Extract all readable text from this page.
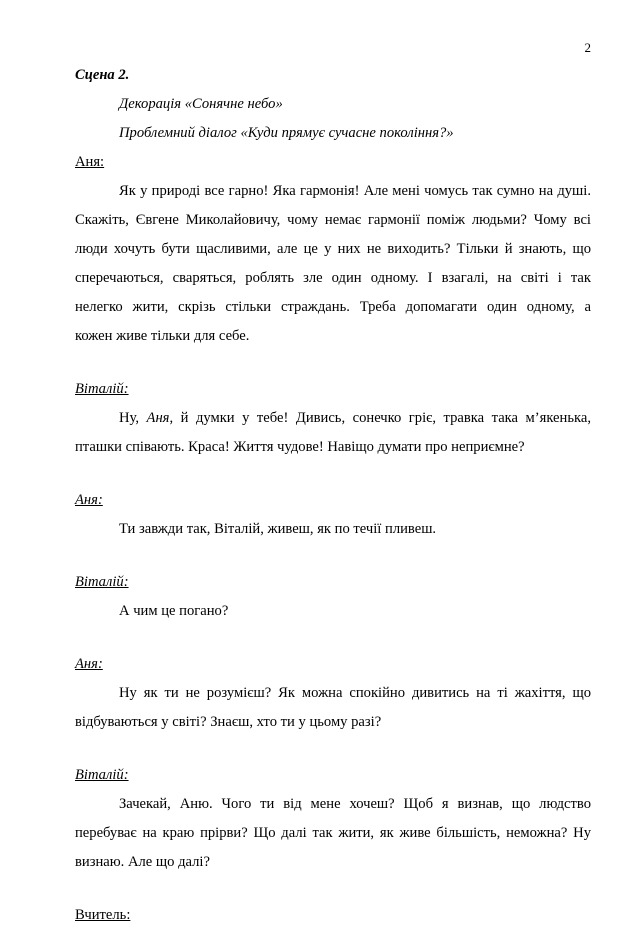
2
Сцена 2.
Декорація «Сонячне небо»
Проблемний діалог «Куди прямує сучасне покоління?»
Аня:
Як у природі все гарно! Яка гармонія! Але мені чомусь так сумно на душі.
Скажіть, Євгене Миколайовичу, чому немає гармонії поміж людьми? Чому всі
люди хочуть бути щасливими, але це у них не виходить? Тільки й знають, що
сперечаються, сваряться, роблять зле один одному. І взагалі, на світі і так
нелегко жити, скрізь стільки страждань. Треба допомагати один одному, а
кожен живе тільки для себе.
Віталій:
Ну, Аня, й думки у тебе! Дивись, сонечко гріє, травка така м’якенька,
пташки співають. Краса! Життя чудове! Навіщо думати про неприємне?
Аня:
Ти завжди так, Віталій, живеш, як по течії пливеш.
Віталій:
А чим це погано?
Аня:
Ну як ти не розумієш? Як можна спокійно дивитись на ті жахіття, що
відбуваються у світі? Знаєш, хто ти у цьому разі?
Віталій:
Зачекай, Аню. Чого ти від мене хочеш? Щоб я визнав, що людство
перебуває на краю прірви? Що далі так жити, як живе більшість, неможна? Ну
визнаю. Але що далі?
Вчитель:
